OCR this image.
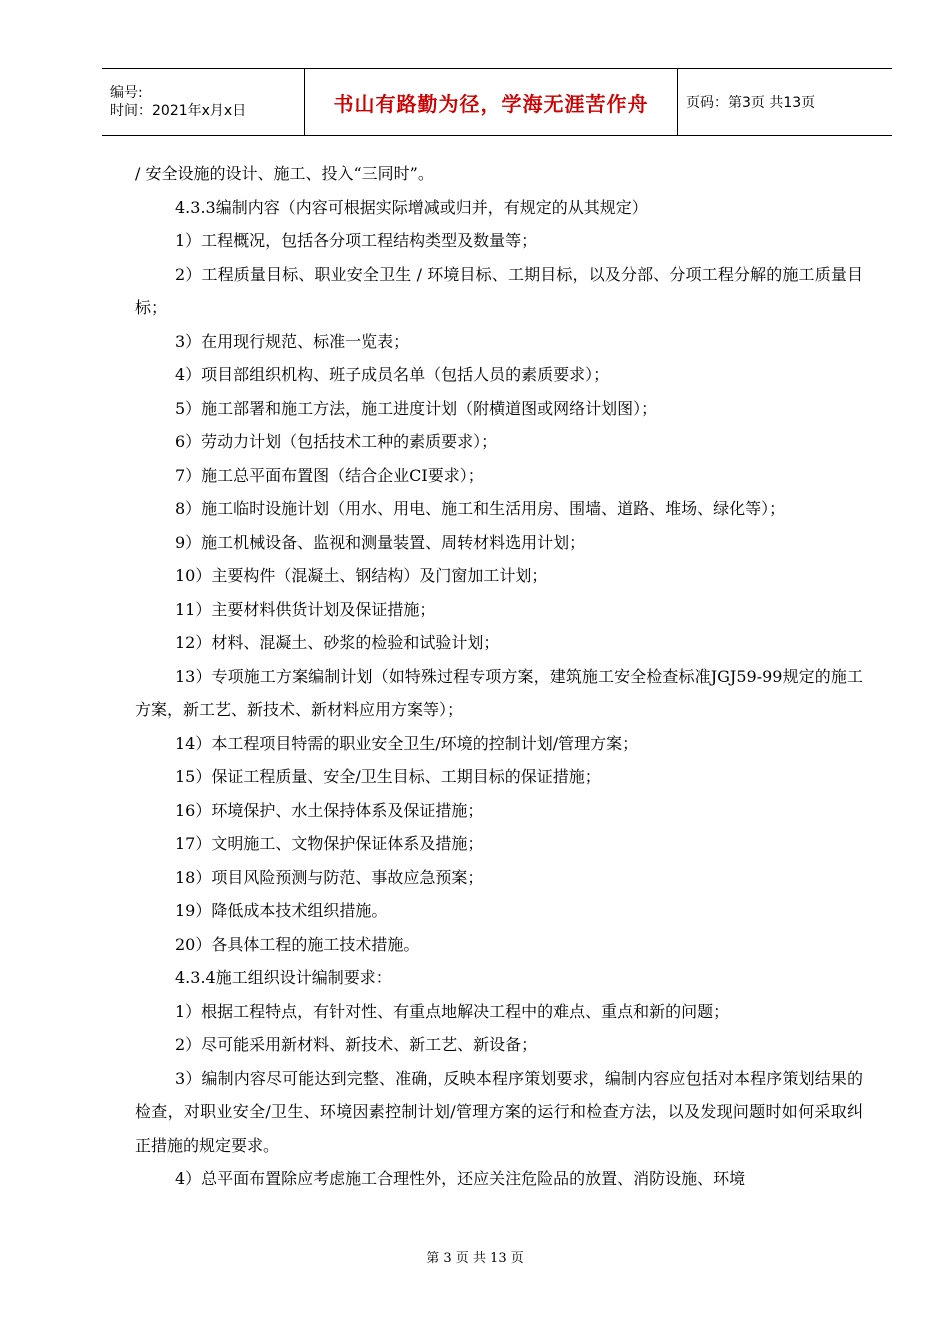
编号:
时间：2021年x月x日	书山有路勤为径，学海无涯苦作舟	页码：第3页 共13页

/ 安全设施的设计、施工、投入“三同时”。

4.3.3编制内容（内容可根据实际增减或归并，有规定的从其规定）

1）工程概况，包括各分项工程结构类型及数量等；

2）工程质量目标、职业安全卫生 / 环境目标、工期目标，以及分部、分项工程分解的施工质量目标；

3）在用现行规范、标准一览表；

4）项目部组织机构、班子成员名单（包括人员的素质要求）；

5）施工部署和施工方法，施工进度计划（附横道图或网络计划图）；

6）劳动力计划（包括技术工种的素质要求）；

7）施工总平面布置图（结合企业CI要求）；

8）施工临时设施计划（用水、用电、施工和生活用房、围墙、道路、堆场、绿化等）；

9）施工机械设备、监视和测量装置、周转材料选用计划；

10）主要构件（混凝土、钢结构）及门窗加工计划；

11）主要材料供货计划及保证措施；

12）材料、混凝土、砂浆的检验和试验计划；

13）专项施工方案编制计划（如特殊过程专项方案，建筑施工安全检查标准JGJ59-99规定的施工方案，新工艺、新技术、新材料应用方案等）；

14）本工程项目特需的职业安全卫生/环境的控制计划/管理方案；

15）保证工程质量、安全/卫生目标、工期目标的保证措施；

16）环境保护、水土保持体系及保证措施；

17）文明施工、文物保护保证体系及措施；

18）项目风险预测与防范、事故应急预案；

19）降低成本技术组织措施。

20）各具体工程的施工技术措施。

4.3.4施工组织设计编制要求：

1）根据工程特点，有针对性、有重点地解决工程中的难点、重点和新的问题；

2）尽可能采用新材料、新技术、新工艺、新设备；

3）编制内容尽可能达到完整、准确，反映本程序策划要求，编制内容应包括对本程序策划结果的检查，对职业安全/卫生、环境因素控制计划/管理方案的运行和检查方法，以及发现问题时如何采取纠正措施的规定要求。

4）总平面布置除应考虑施工合理性外，还应关注危险品的放置、消防设施、环境

第 3 页 共 13 页
